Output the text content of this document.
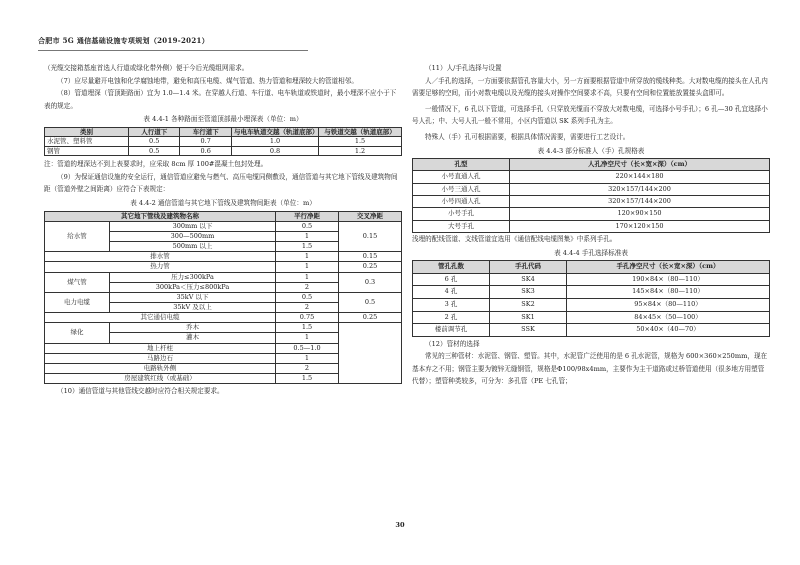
合肥市 5G 通信基础设施专项规划（2019-2021）

（光缆交接箱基座首选人行道或绿化带外侧）便于今后光缆组网需求。

（7）应尽量避开电蚀和化学腐蚀地带，避免和高压电缆、煤气管道、热力管道和埋深较大的管道相邻。

（8）管道埋深（管顶距路面）宜为 1.0—1.4 米。在穿越人行道、车行道、电车轨道或铁道时，最小埋深不应小于下表的规定。

表 4.4-1 各种路面至管道顶部最小埋深表（单位：m）

类别	人行道下	车行道下	与电车轨道交越（轨道底部）	与铁道交越（轨道底部）
水泥管、塑料管	0.5	0.7	1.0	1.5
钢管	0.5	0.6	0.8	1.2

注：管道的埋深达不到上表要求时，应采取 8cm 厚 100#混凝土包封处理。

（9）为保证通信设施的安全运行，通信管道应避免与燃气、高压电缆同侧敷设，通信管道与其它地下管线及建筑物间距（管道外壁之间距离）应符合下表规定：

表 4.4-2 通信管道与其它地下管线及建筑物间距表（单位：m）

其它地下管线及建筑物名称		平行净距	交叉净距
给水管	300mm 以下	0.5	0.15
	300—500mm	1	
	500mm 以上	1.5	
排水管		1	0.15
热力管		1	0.25
煤气管	压力≤300kPa	1	0.3
	300kPa＜压力≤800kPa	2	
电力电缆	35kV 以下	0.5	0.5
	35kV 及以上	2	
其它通信电缆		0.75	0.25
绿化	乔木	1.5	
	灌木	1	
地上杆柱		0.5—1.0	
马路边石		1	
电路轨外侧		2	
房屋建筑红线（或基础）		1.5	

（10）通信管道与其他管线交越时应符合相关规定要求。

（11）人/手孔选择与设置

人／手孔的选择，一方面要依据管孔容量大小，另一方面要根据管道中所穿放的缆线种类。大对数电缆的接头在人孔内需要足够的空间，而小对数电缆以及光缆的接头对操作空间要求不高，只要有空间和位置能放置接头盒即可。

一般情况下，6 孔以下管道，可选择手孔（只穿放光缆而不穿放大对数电缆，可选择小号手孔）；6 孔—30 孔宜选择小号人孔；中、大号人孔一般不常用，小区内管道以 SK 系列手孔为主。

特殊人（手）孔可根据需要，根据具体情况需要，需要进行工艺设计。

表 4.4-3 部分标准人（手）孔规格表

孔型	人孔净空尺寸（长×宽×深）（cm）
小号直通人孔	220×144×180
小号三通人孔	320×157/144×200
小号四通人孔	320×157/144×200
小号手孔	120×90×150
大号手孔	170×120×150

浅埋的配线管道、支线管道宜选用《通信配线电缆图集》中系列手孔。

表 4.4-4 手孔选择标准表

管孔孔数	手孔代码	手孔净空尺寸（长×宽×深）（cm）
6 孔	SK4	190×84×（80—110）
4 孔	SK3	145×84×（80—110）
3 孔	SK2	95×84×（80—110）
2 孔	SK1	84×45×（50—100）
楼前调节孔	SSK	50×40×（40—70）

（12）管材的选择

常见的三种管材：水泥管、钢管、塑管。其中，水泥管广泛使用的是 6 孔水泥管，规格为 600×360×250mm，现在基本弃之不用；钢管主要为镀锌无缝钢管，规格是Φ100/98x4mm，主要作为主干道路或过桥管道使用（很多地方用塑管代替）；塑管种类较多，可分为：多孔管（PE 七孔管；

30
